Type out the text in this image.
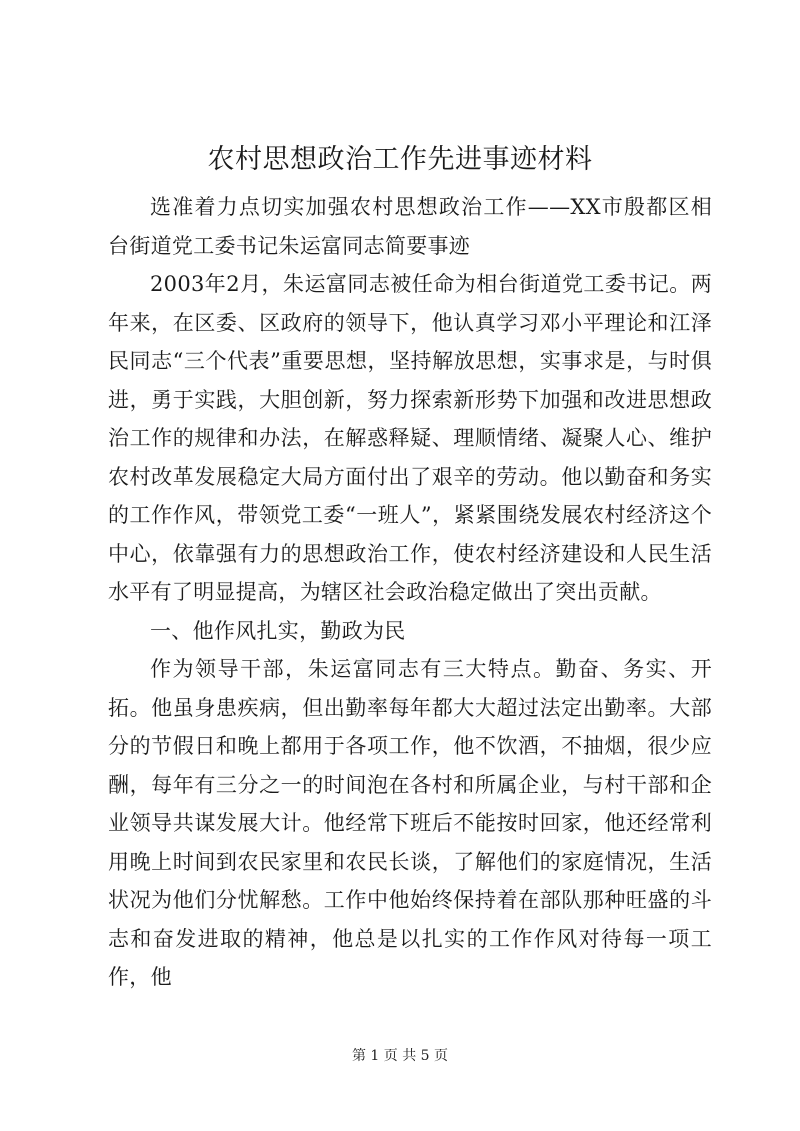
农村思想政治工作先进事迹材料

选准着力点切实加强农村思想政治工作——XX市殷都区相台街道党工委书记朱运富同志简要事迹

2003年2月，朱运富同志被任命为相台街道党工委书记。两年来，在区委、区政府的领导下，他认真学习邓小平理论和江泽民同志“三个代表”重要思想，坚持解放思想，实事求是，与时俱进，勇于实践，大胆创新，努力探索新形势下加强和改进思想政治工作的规律和办法，在解惑释疑、理顺情绪、凝聚人心、维护农村改革发展稳定大局方面付出了艰辛的劳动。他以勤奋和务实的工作作风，带领党工委“一班人”，紧紧围绕发展农村经济这个中心，依靠强有力的思想政治工作，使农村经济建设和人民生活水平有了明显提高，为辖区社会政治稳定做出了突出贡献。

一、他作风扎实，勤政为民

作为领导干部，朱运富同志有三大特点。勤奋、务实、开拓。他虽身患疾病，但出勤率每年都大大超过法定出勤率。大部分的节假日和晚上都用于各项工作，他不饮酒，不抽烟，很少应酬，每年有三分之一的时间泡在各村和所属企业，与村干部和企业领导共谋发展大计。他经常下班后不能按时回家，他还经常利用晚上时间到农民家里和农民长谈，了解他们的家庭情况，生活状况为他们分忧解愁。工作中他始终保持着在部队那种旺盛的斗志和奋发进取的精神，他总是以扎实的工作作风对待每一项工作，他

第 1 页 共 5 页
